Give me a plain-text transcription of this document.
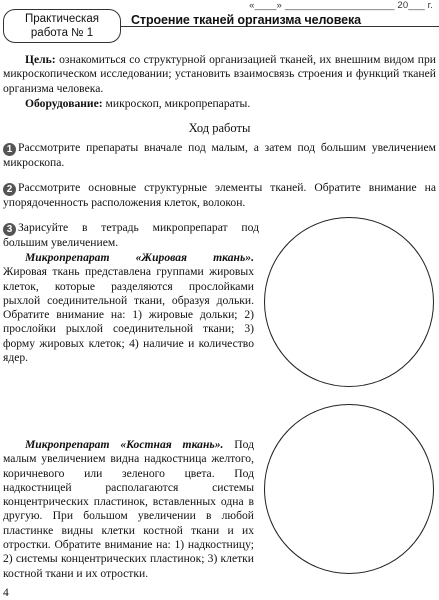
«____» ____________________ 20___ г.
Практическая
работа № 1
Строение тканей организма человека
Цель: ознакомиться со структурной организацией тканей, их внешним видом при микроскопическом исследовании; установить взаимосвязь строения и функций тканей организма человека.
Оборудование: микроскоп, микропрепараты.
Ход работы
1 Рассмотрите препараты вначале под малым, а затем под большим увеличением микроскопа.
2 Рассмотрите основные структурные элементы тканей. Обратите внимание на упорядоченность расположения клеток, волокон.
3 Зарисуйте в тетрадь микропрепарат под большим увеличением.
Микропрепарат «Жировая ткань». Жировая ткань представлена группами жировых клеток, которые разделяются прослойками рыхлой соединительной ткани, образуя дольки. Обратите внимание на: 1) жировые дольки; 2) прослойки рыхлой соединительной ткани; 3) форму жировых клеток; 4) наличие и количество ядер.
Микропрепарат «Костная ткань». Под малым увеличением видна надкостница желтого, коричневого или зеленого цвета. Под надкостницей располагаются системы концентрических пластинок, вставленных одна в другую. При большом увеличении в любой пластинке видны клетки костной ткани и их отростки. Обратите внимание на: 1) надкостницу; 2) системы концентрических пластинок; 3) клетки костной ткани и их отростки.
4
